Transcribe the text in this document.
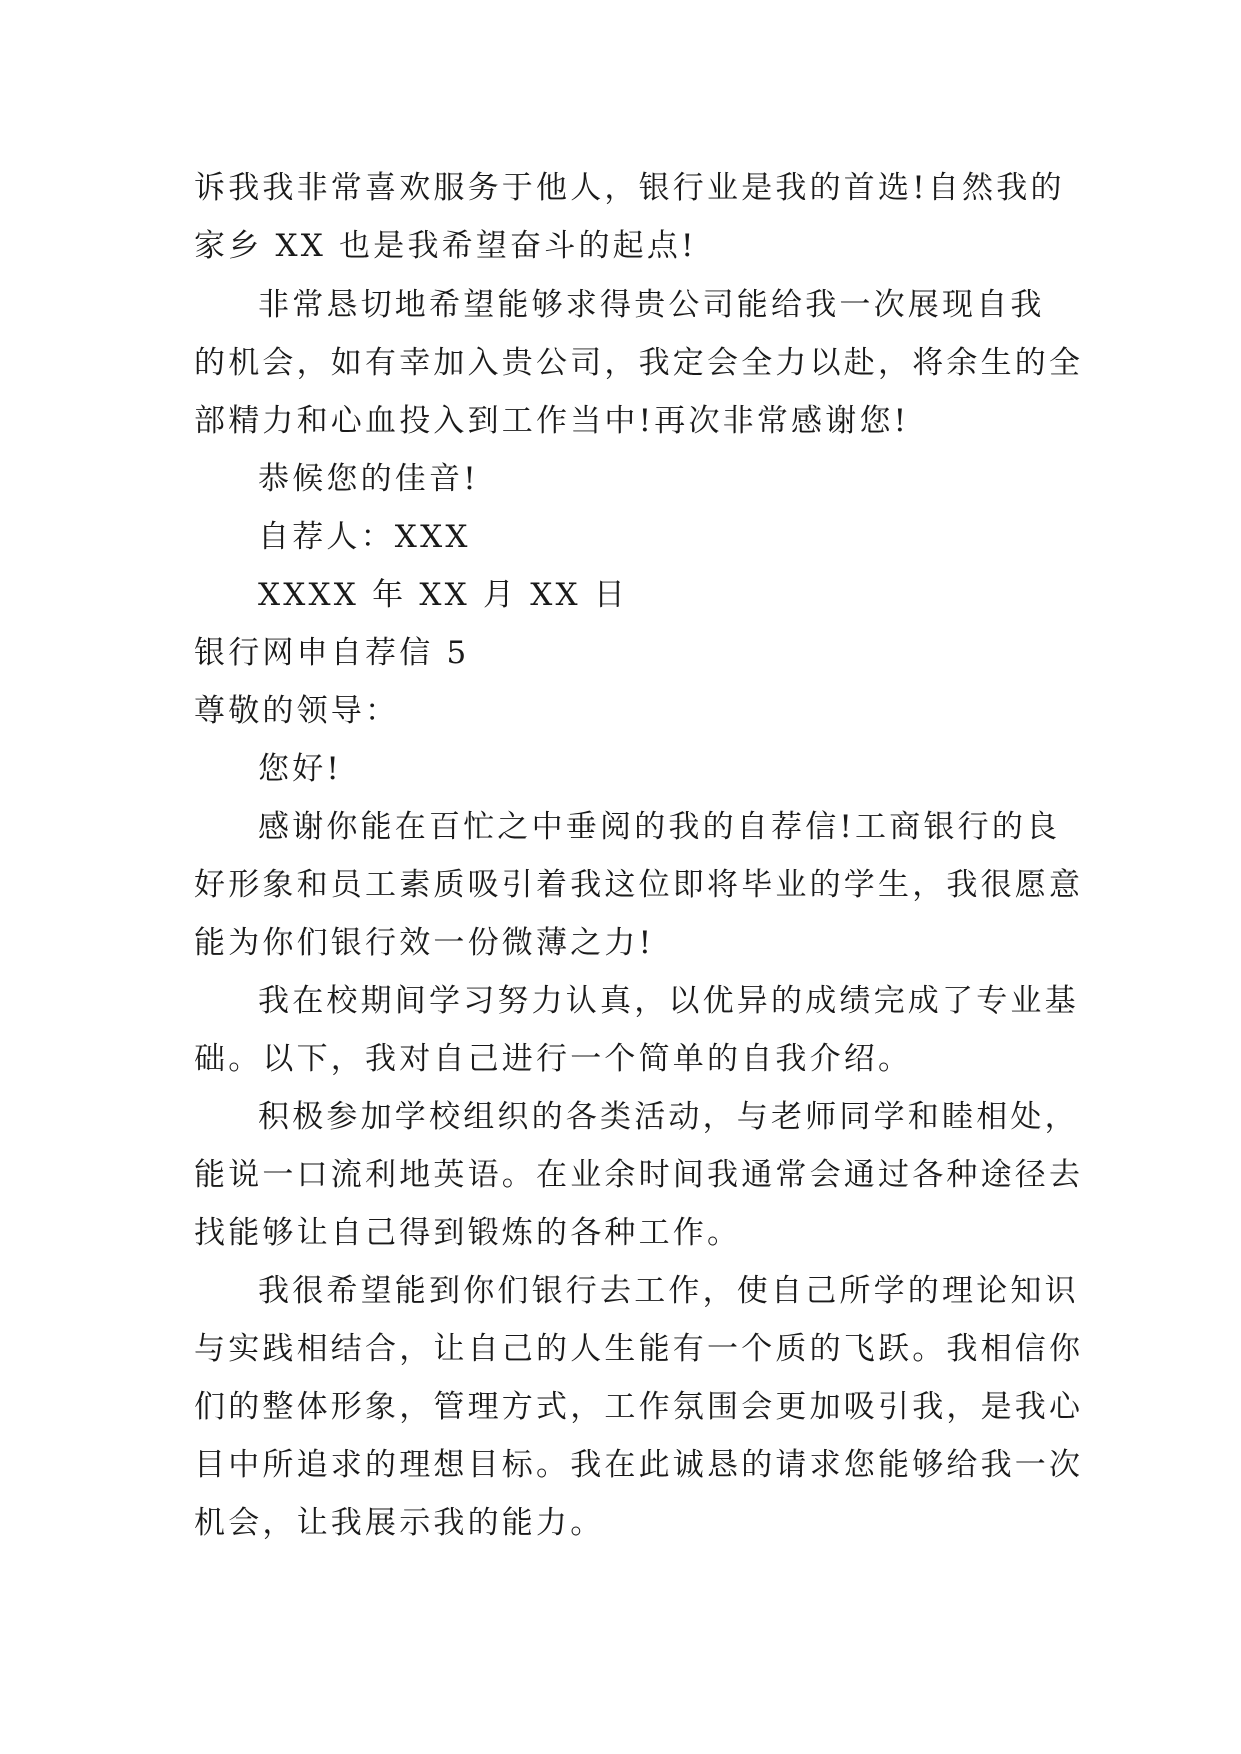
诉我我非常喜欢服务于他人，银行业是我的首选!自然我的
家乡 XX 也是我希望奋斗的起点!
非常恳切地希望能够求得贵公司能给我一次展现自我
的机会，如有幸加入贵公司，我定会全力以赴，将余生的全
部精力和心血投入到工作当中!再次非常感谢您!
恭候您的佳音!
自荐人：XXX
XXXX 年 XX 月 XX 日
银行网申自荐信 5
尊敬的领导：
您好!
感谢你能在百忙之中垂阅的我的自荐信!工商银行的良
好形象和员工素质吸引着我这位即将毕业的学生，我很愿意
能为你们银行效一份微薄之力!
我在校期间学习努力认真，以优异的成绩完成了专业基
础。以下，我对自己进行一个简单的自我介绍。
积极参加学校组织的各类活动，与老师同学和睦相处，
能说一口流利地英语。在业余时间我通常会通过各种途径去
找能够让自己得到锻炼的各种工作。
我很希望能到你们银行去工作，使自己所学的理论知识
与实践相结合，让自己的人生能有一个质的飞跃。我相信你
们的整体形象，管理方式，工作氛围会更加吸引我，是我心
目中所追求的理想目标。我在此诚恳的请求您能够给我一次
机会，让我展示我的能力。
